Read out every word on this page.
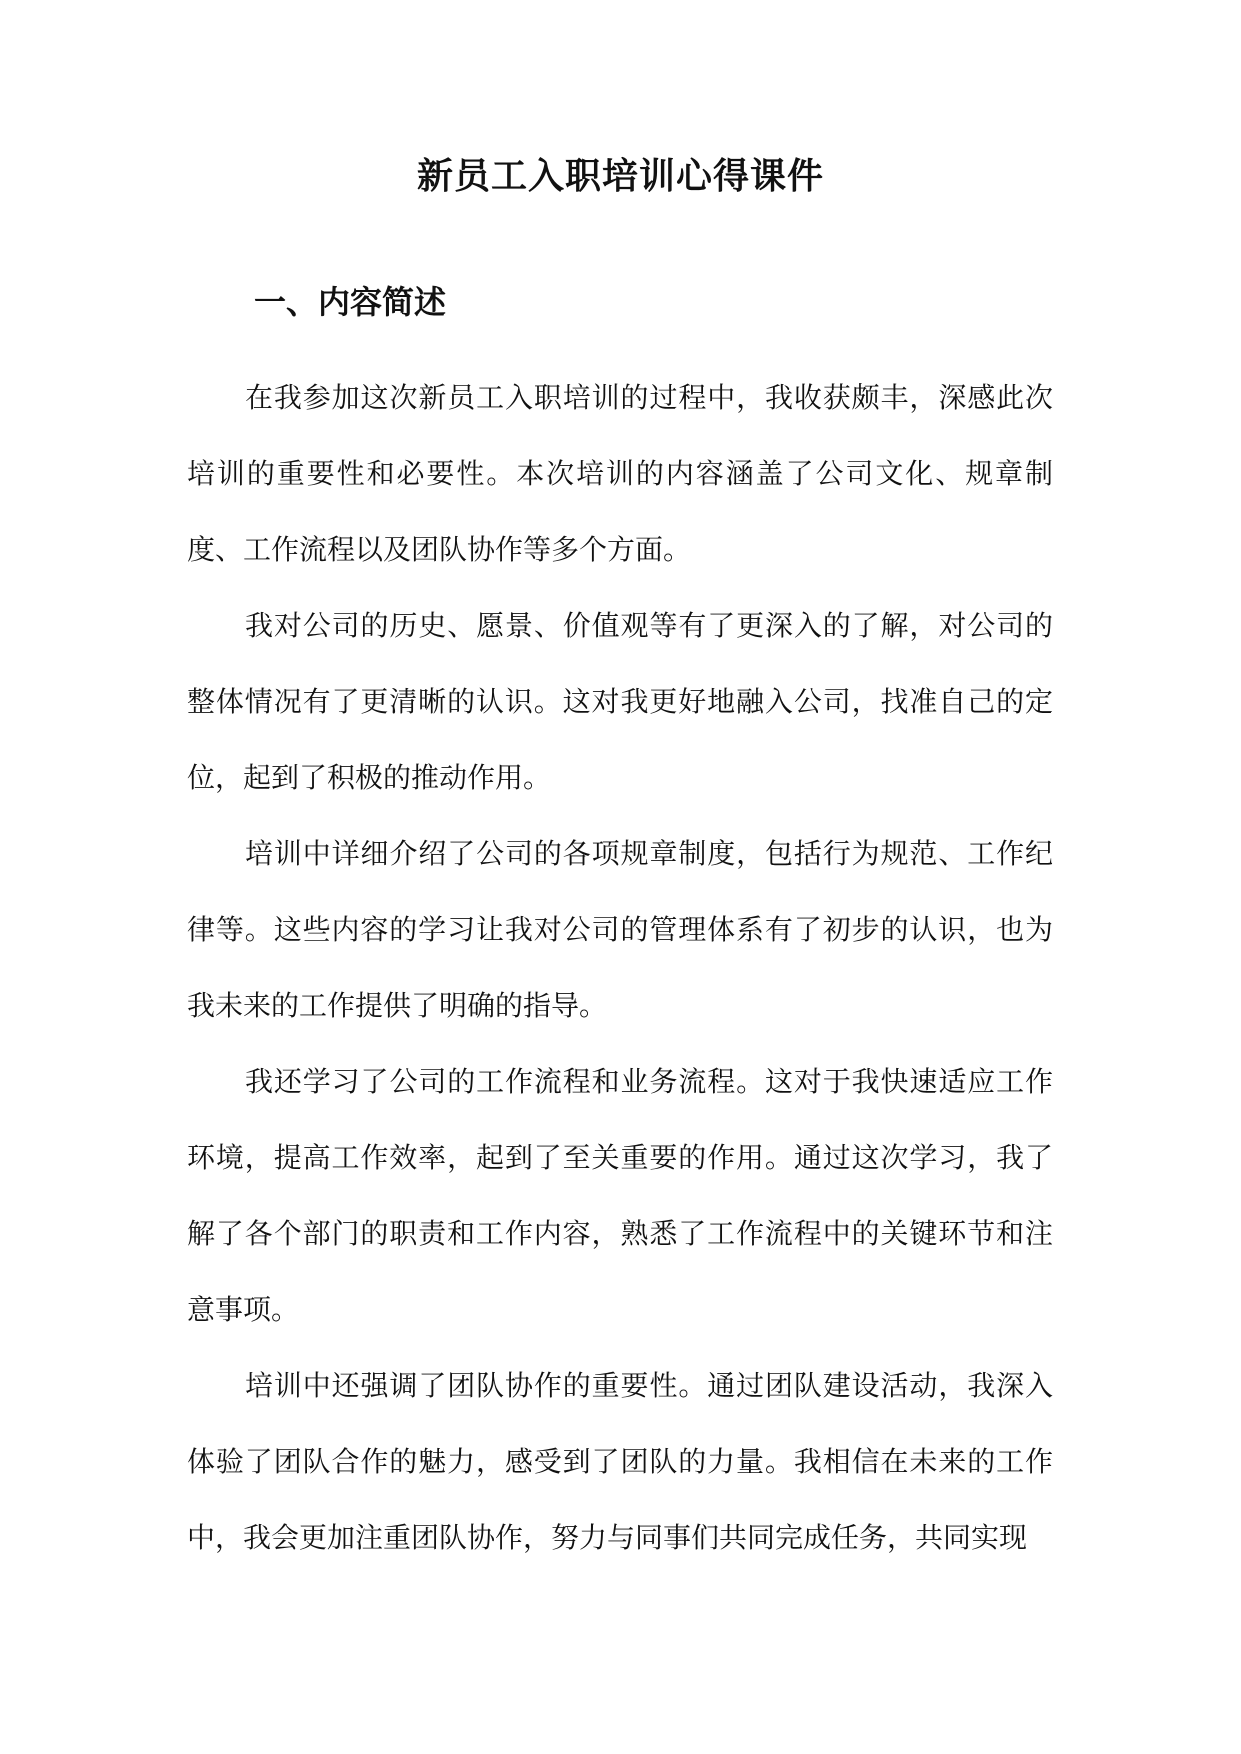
新员工入职培训心得课件
一、内容简述

在我参加这次新员工入职培训的过程中，我收获颇丰，深感此次培训的重要性和必要性。本次培训的内容涵盖了公司文化、规章制度、工作流程以及团队协作等多个方面。

我对公司的历史、愿景、价值观等有了更深入的了解，对公司的整体情况有了更清晰的认识。这对我更好地融入公司，找准自己的定位，起到了积极的推动作用。

培训中详细介绍了公司的各项规章制度，包括行为规范、工作纪律等。这些内容的学习让我对公司的管理体系有了初步的认识，也为我未来的工作提供了明确的指导。

我还学习了公司的工作流程和业务流程。这对于我快速适应工作环境，提高工作效率，起到了至关重要的作用。通过这次学习，我了解了各个部门的职责和工作内容，熟悉了工作流程中的关键环节和注意事项。

培训中还强调了团队协作的重要性。通过团队建设活动，我深入体验了团队合作的魅力，感受到了团队的力量。我相信在未来的工作中，我会更加注重团队协作，努力与同事们共同完成任务，共同实现
